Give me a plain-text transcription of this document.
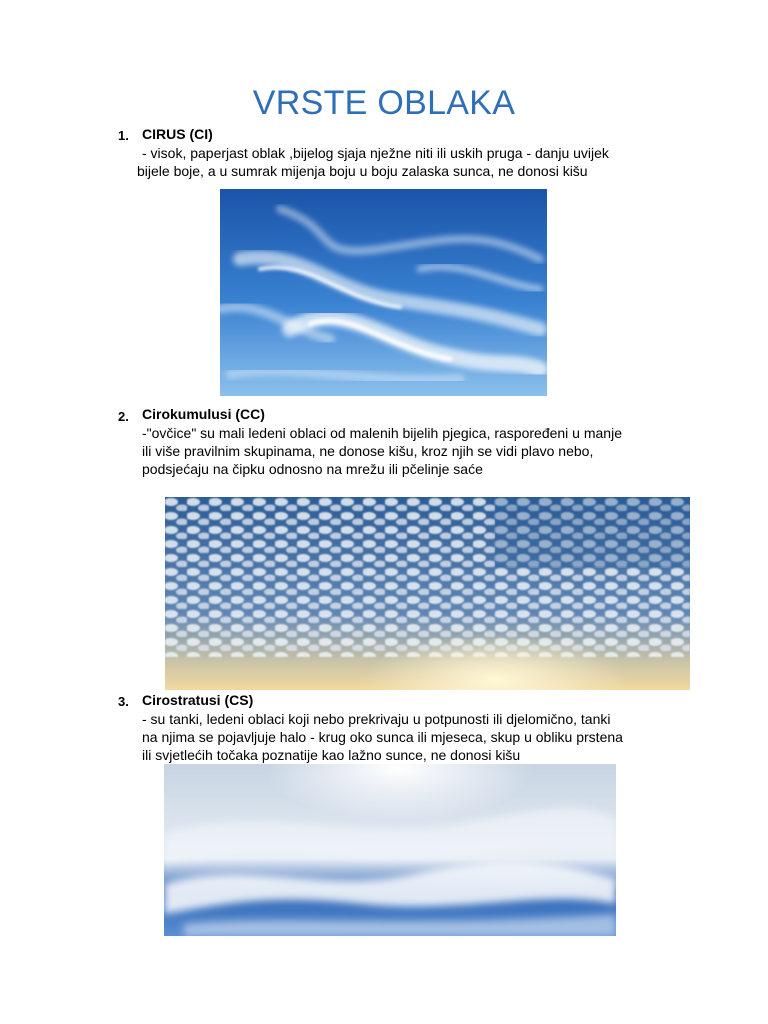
VRSTE OBLAKA
1. CIRUS (CI)
- visok, paperjast oblak ,bijelog sjaja nježne niti ili uskih pruga - danju uvijek
bijele boje, a u sumrak mijenja boju u boju zalaska sunca, ne donosi kišu
2. Cirokumulusi (CC)
-"ovčice" su mali ledeni oblaci od malenih bijelih pjegica, raspoređeni u manje
ili više pravilnim skupinama, ne donose kišu, kroz njih se vidi plavo nebo,
podsjećaju na čipku odnosno na mrežu ili pčelinje saće
3. Cirostratusi (CS)
- su tanki, ledeni oblaci koji nebo prekrivaju u potpunosti ili djelomično, tanki
na njima se pojavljuje halo - krug oko sunca ili mjeseca, skup u obliku prstena
ili svjetlećih točaka poznatije kao lažno sunce, ne donosi kišu
